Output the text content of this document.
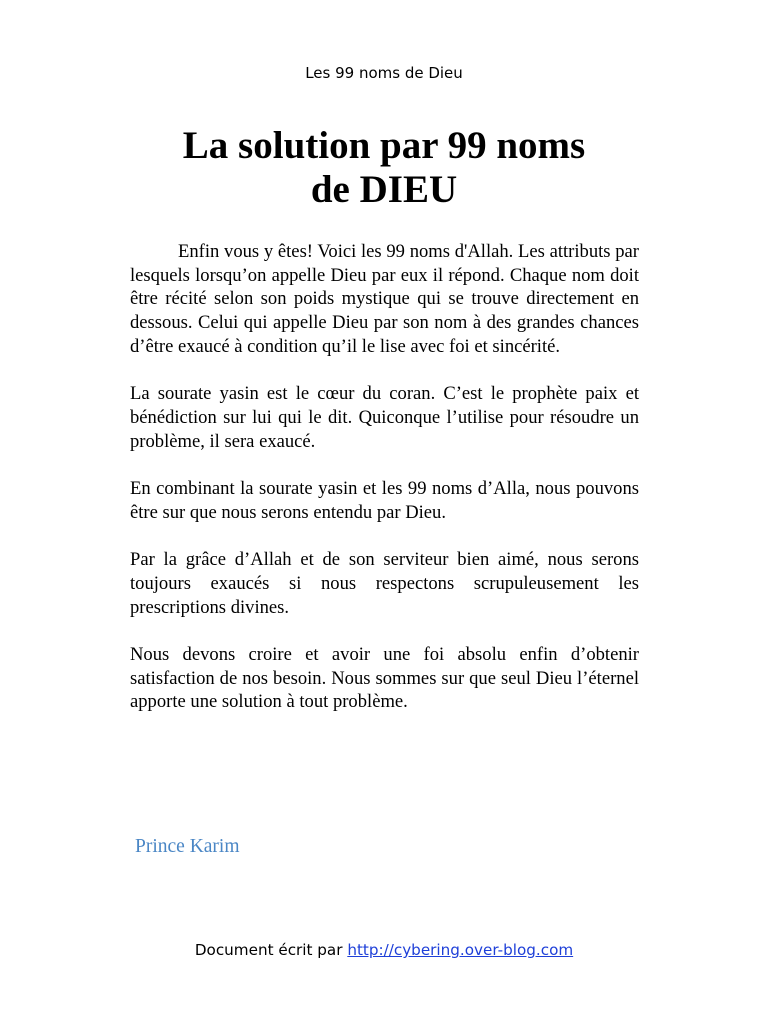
Les 99 noms de Dieu
La solution par 99 noms
de DIEU

Enfin vous y êtes! Voici les 99 noms d'Allah. Les attributs par lesquels lorsqu’on appelle Dieu par eux il répond. Chaque nom doit être récité selon son poids mystique qui se trouve directement en dessous. Celui qui appelle Dieu par son nom à des grandes chances d’être exaucé à condition qu’il le lise avec foi et sincérité.

La sourate yasin est le cœur du coran. C’est le prophète paix et bénédiction sur lui qui le dit. Quiconque l’utilise pour résoudre un problème, il sera exaucé.

En combinant la sourate yasin et les 99 noms d’Alla, nous pouvons être sur que nous serons entendu par Dieu.

Par la grâce d’Allah et de son serviteur bien aimé, nous serons toujours exaucés si nous respectons scrupuleusement les prescriptions divines.

Nous devons croire et avoir une foi absolu enfin d’obtenir satisfaction de nos besoin. Nous sommes sur que seul Dieu l’éternel apporte une solution à tout problème.

Prince Karim
Document écrit par http://cybering.over-blog.com
